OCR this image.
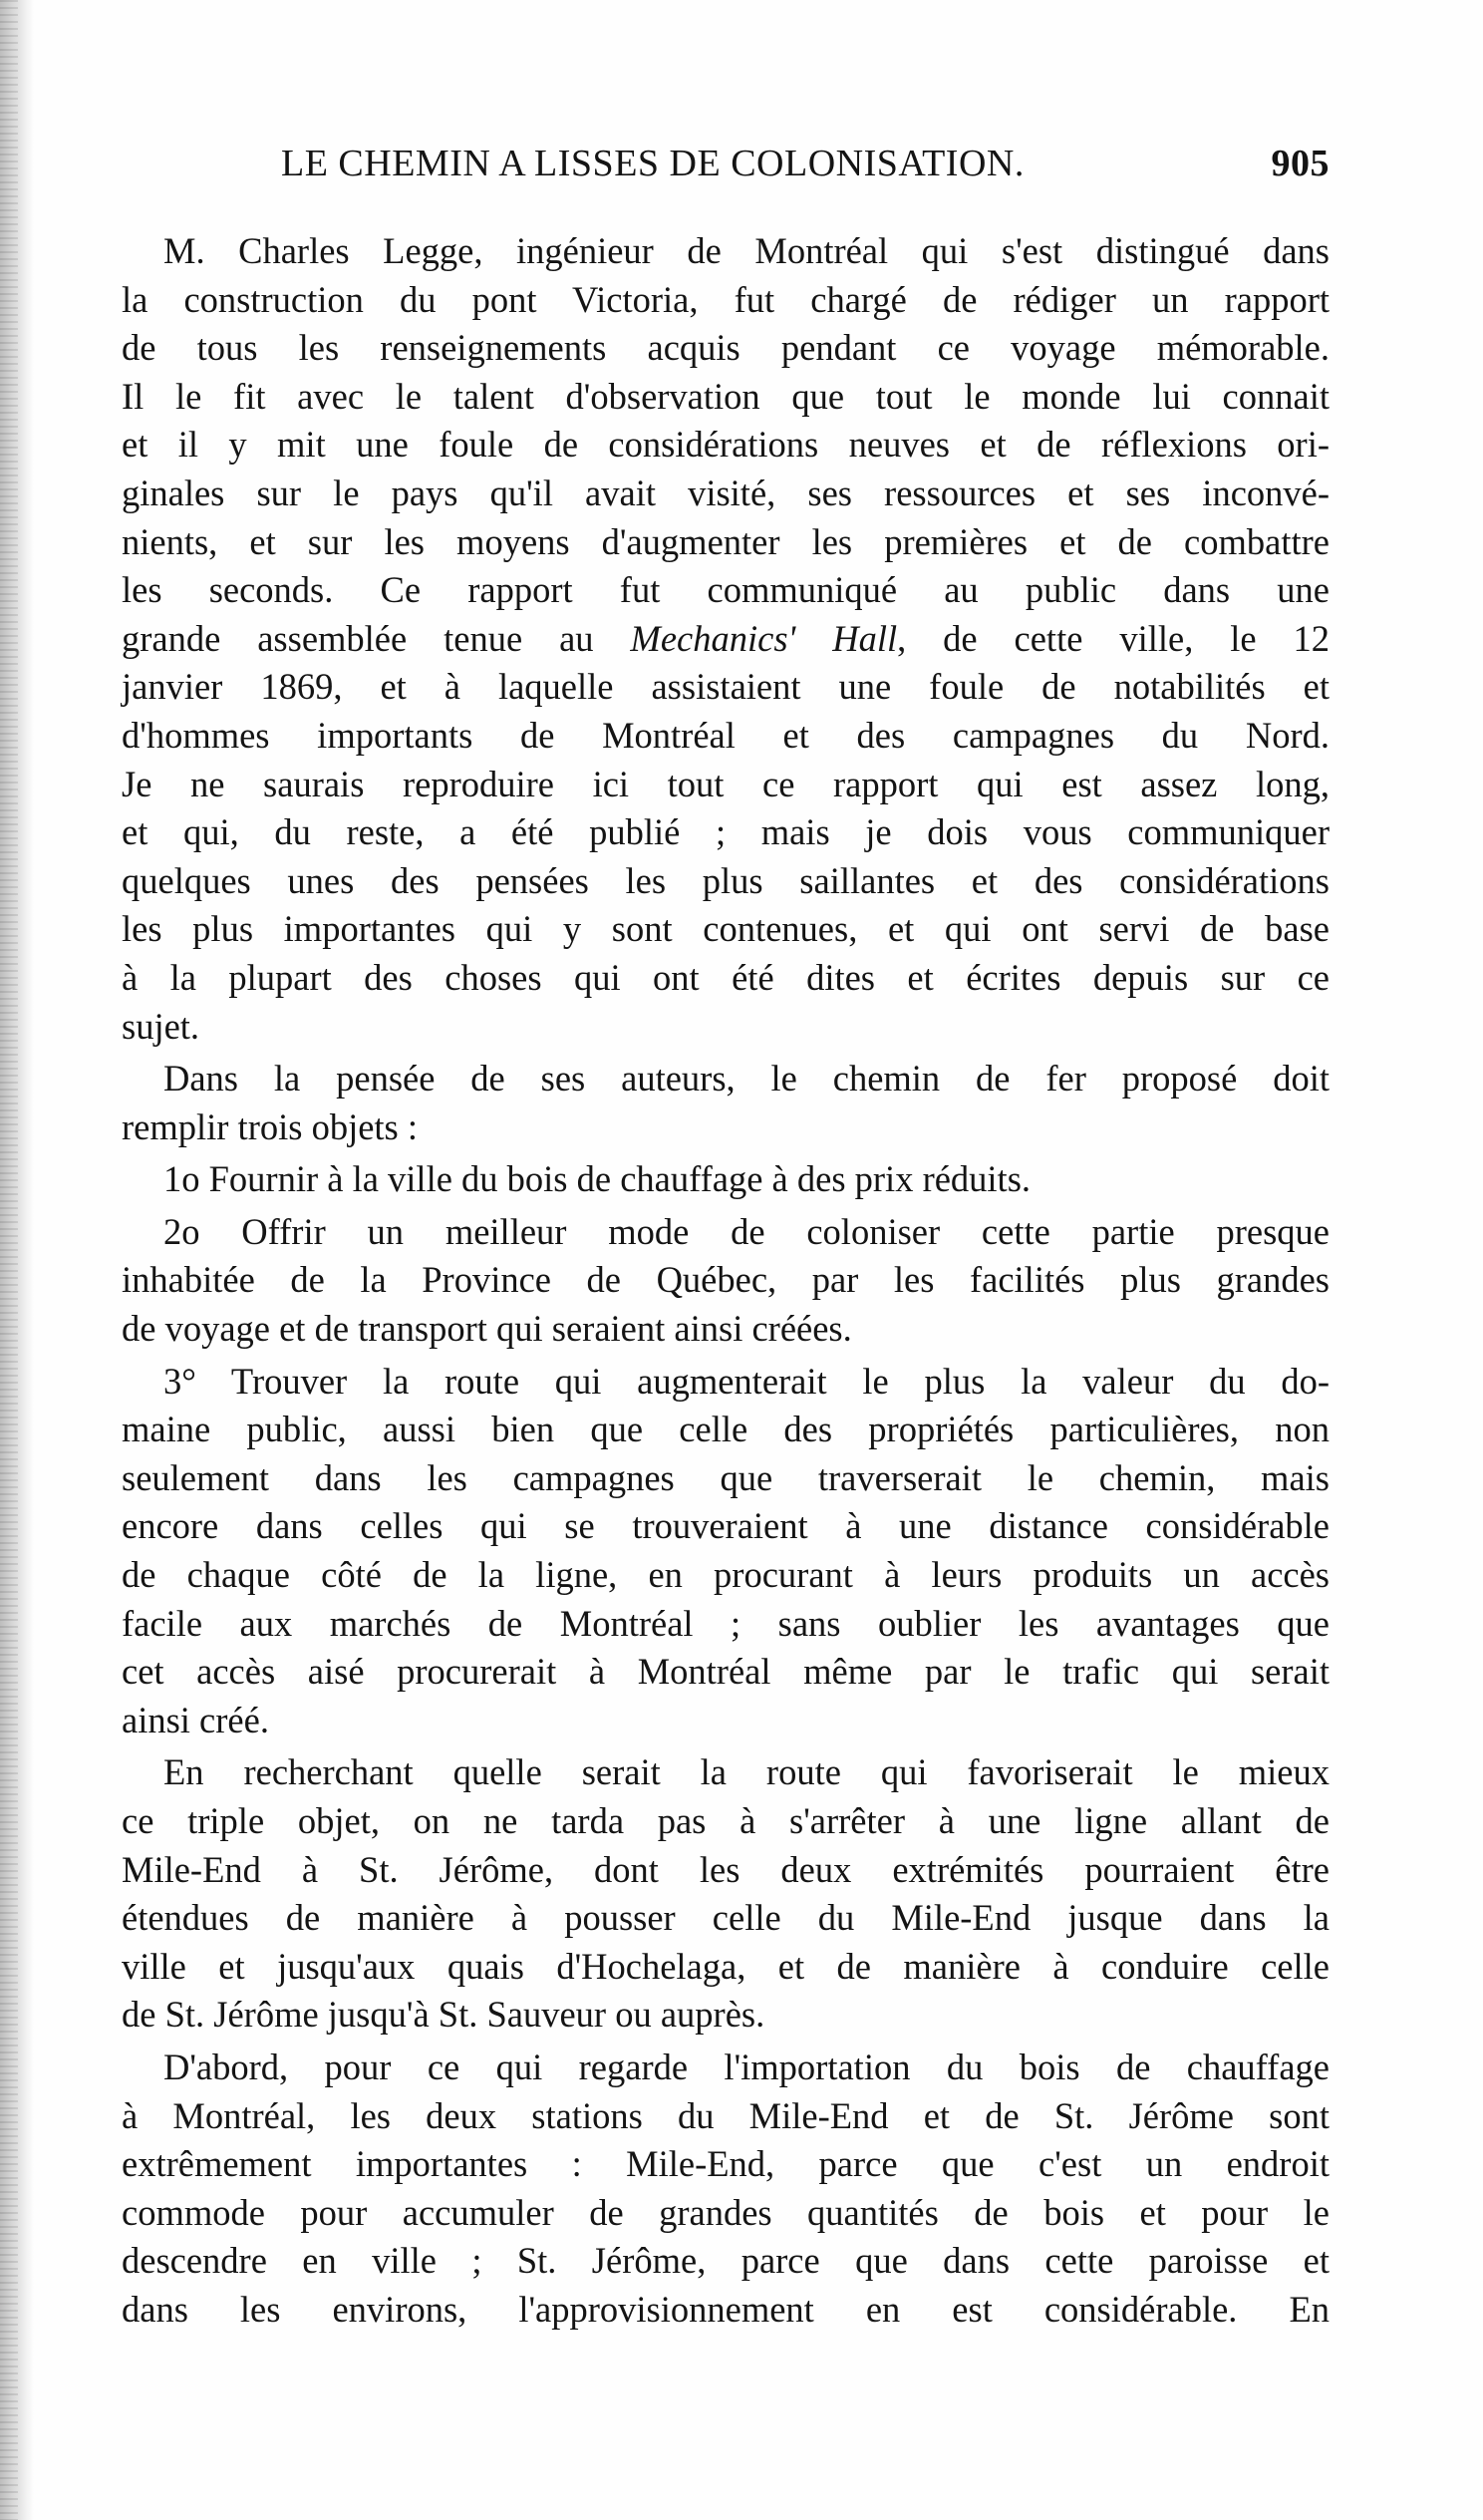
LE CHEMIN A LISSES DE COLONISATION.	905
M. Charles Legge, ingénieur de Montréal qui s'est distingué dans
la construction du pont Victoria, fut chargé de rédiger un rapport
de tous les renseignements acquis pendant ce voyage mémorable.
Il le fit avec le talent d'observation que tout le monde lui connait
et il y mit une foule de considérations neuves et de réflexions ori-
ginales sur le pays qu'il avait visité, ses ressources et ses inconvé-
nients, et sur les moyens d'augmenter les premières et de combattre
les seconds. Ce rapport fut communiqué au public dans une
grande assemblée tenue au Mechanics' Hall, de cette ville, le 12
janvier 1869, et à laquelle assistaient une foule de notabilités et
d'hommes importants de Montréal et des campagnes du Nord.
Je ne saurais reproduire ici tout ce rapport qui est assez long,
et qui, du reste, a été publié ; mais je dois vous communiquer
quelques unes des pensées les plus saillantes et des considérations
les plus importantes qui y sont contenues, et qui ont servi de base
à la plupart des choses qui ont été dites et écrites depuis sur ce
sujet.
Dans la pensée de ses auteurs, le chemin de fer proposé doit
remplir trois objets :
1o Fournir à la ville du bois de chauffage à des prix réduits.
2o Offrir un meilleur mode de coloniser cette partie presque
inhabitée de la Province de Québec, par les facilités plus grandes
de voyage et de transport qui seraient ainsi créées.
3° Trouver la route qui augmenterait le plus la valeur du do-
maine public, aussi bien que celle des propriétés particulières, non
seulement dans les campagnes que traverserait le chemin, mais
encore dans celles qui se trouveraient à une distance considérable
de chaque côté de la ligne, en procurant à leurs produits un accès
facile aux marchés de Montréal ; sans oublier les avantages que
cet accès aisé procurerait à Montréal même par le trafic qui serait
ainsi créé.
En recherchant quelle serait la route qui favoriserait le mieux
ce triple objet, on ne tarda pas à s'arrêter à une ligne allant de
Mile-End à St. Jérôme, dont les deux extrémités pourraient être
étendues de manière à pousser celle du Mile-End jusque dans la
ville et jusqu'aux quais d'Hochelaga, et de manière à conduire celle
de St. Jérôme jusqu'à St. Sauveur ou auprès.
D'abord, pour ce qui regarde l'importation du bois de chauffage
à Montréal, les deux stations du Mile-End et de St. Jérôme sont
extrêmement importantes : Mile-End, parce que c'est un endroit
commode pour accumuler de grandes quantités de bois et pour le
descendre en ville ; St. Jérôme, parce que dans cette paroisse et
dans les environs, l'approvisionnement en est considérable. En
